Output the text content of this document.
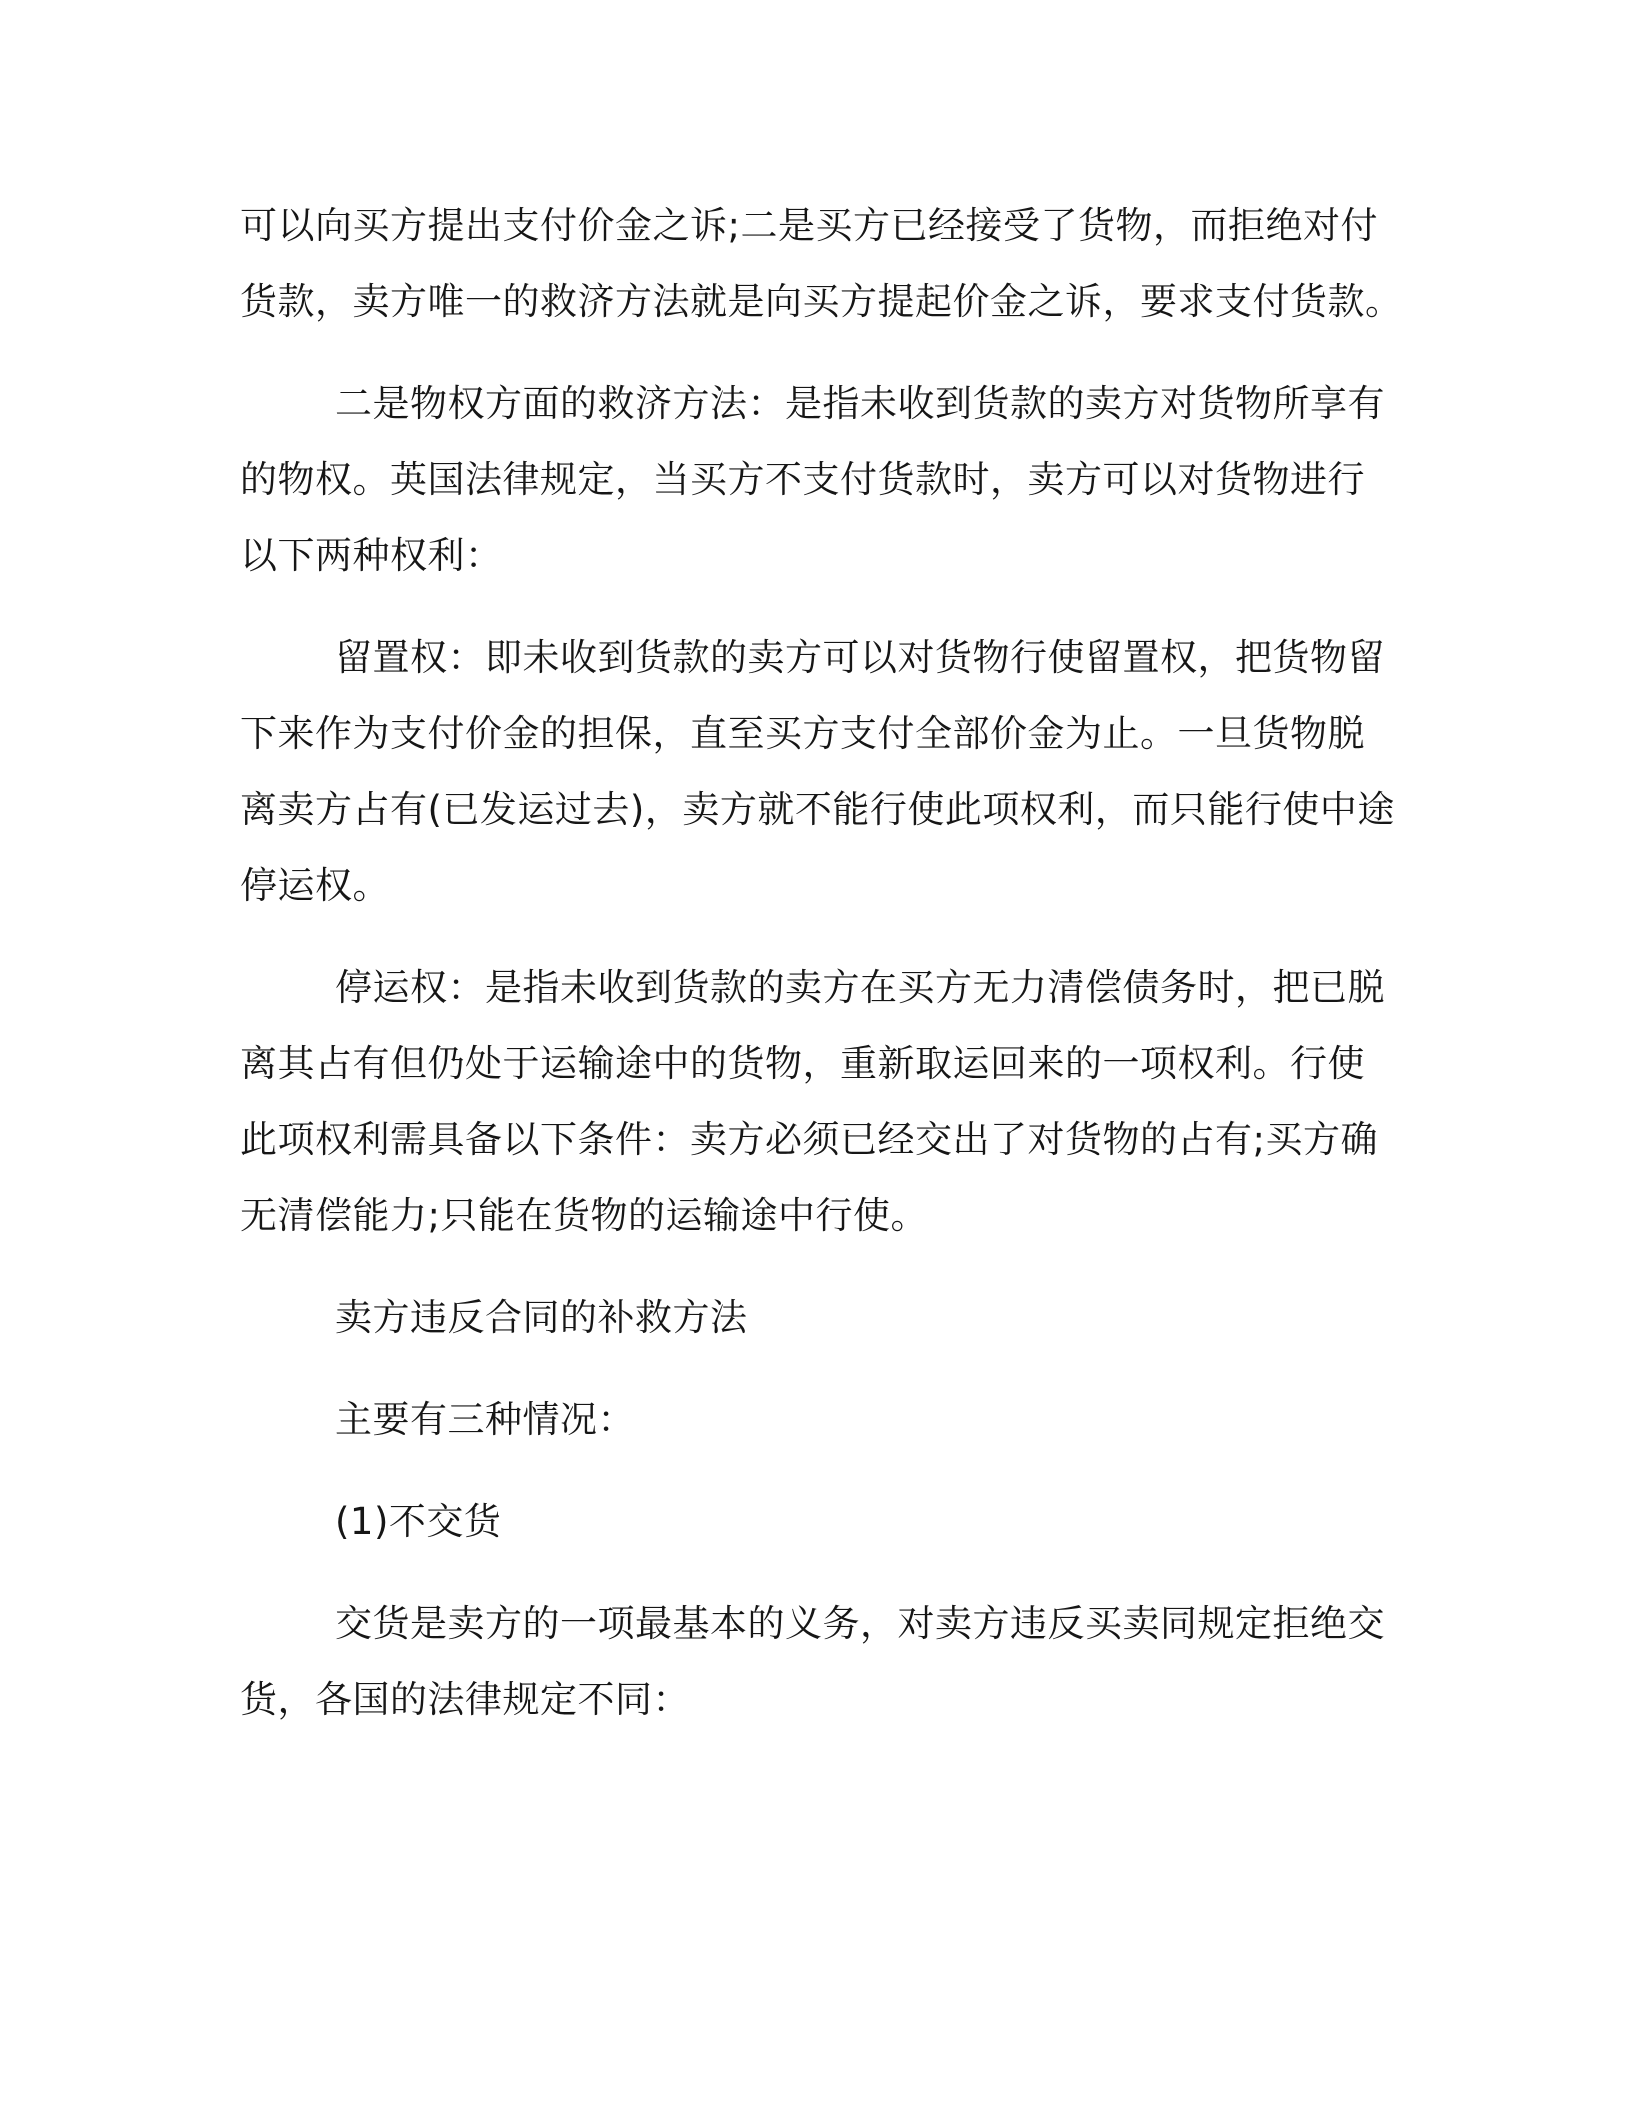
可以向买方提出支付价金之诉;二是买方已经接受了货物，而拒绝对付
货款，卖方唯一的救济方法就是向买方提起价金之诉，要求支付货款。

二是物权方面的救济方法：是指未收到货款的卖方对货物所享有
的物权。英国法律规定，当买方不支付货款时，卖方可以对货物进行
以下两种权利：

留置权：即未收到货款的卖方可以对货物行使留置权，把货物留
下来作为支付价金的担保，直至买方支付全部价金为止。一旦货物脱
离卖方占有(已发运过去)，卖方就不能行使此项权利，而只能行使中途
停运权。

停运权：是指未收到货款的卖方在买方无力清偿债务时，把已脱
离其占有但仍处于运输途中的货物，重新取运回来的一项权利。行使
此项权利需具备以下条件：卖方必须已经交出了对货物的占有;买方确
无清偿能力;只能在货物的运输途中行使。

卖方违反合同的补救方法

主要有三种情况：

(1)不交货

交货是卖方的一项最基本的义务，对卖方违反买卖同规定拒绝交
货，各国的法律规定不同：
